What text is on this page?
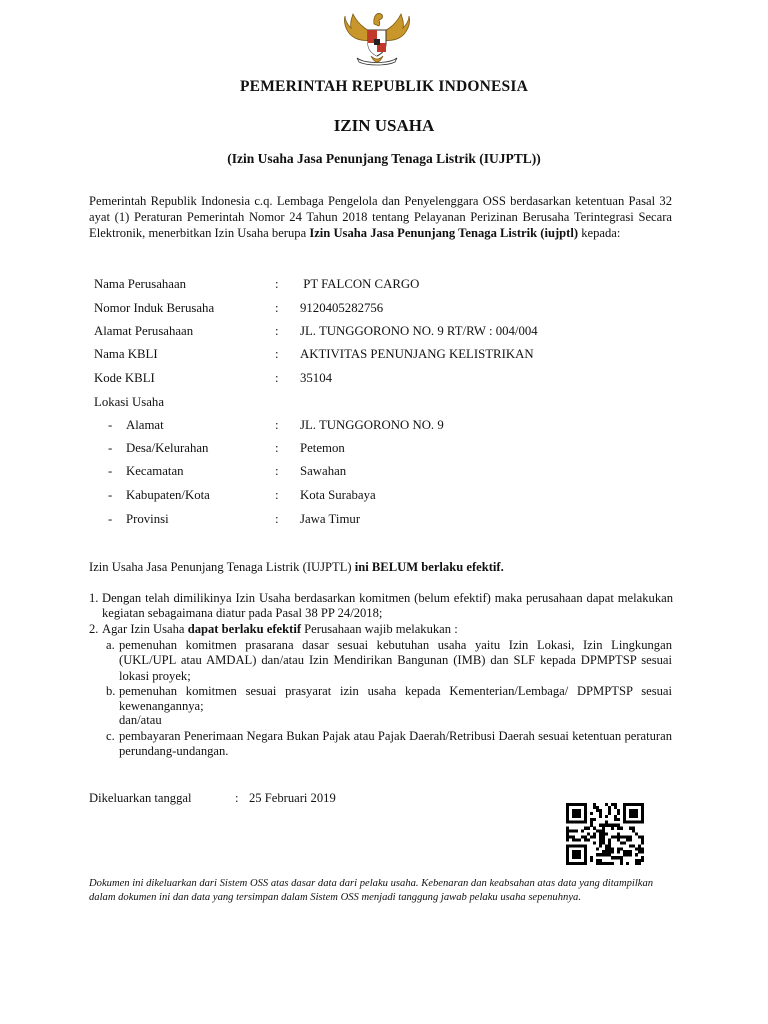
PEMERINTAH REPUBLIK INDONESIA
IZIN USAHA
(Izin Usaha Jasa Penunjang Tenaga Listrik (IUJPTL))
Pemerintah Republik Indonesia c.q. Lembaga Pengelola dan Penyelenggara OSS berdasarkan ketentuan Pasal 32 ayat (1) Peraturan Pemerintah Nomor 24 Tahun 2018 tentang Pelayanan Perizinan Berusaha Terintegrasi Secara Elektronik, menerbitkan Izin Usaha berupa Izin Usaha Jasa Penunjang Tenaga Listrik (iujptl) kepada:
Nama Perusahaan	: PT FALCON CARGO
Nomor Induk Berusaha	: 9120405282756
Alamat Perusahaan	: JL. TUNGGORONO NO. 9 RT/RW : 004/004
Nama KBLI	: AKTIVITAS PENUNJANG KELISTRIKAN
Kode KBLI	: 35104
Lokasi Usaha
- Alamat	: JL. TUNGGORONO NO. 9
- Desa/Kelurahan	: Petemon
- Kecamatan	: Sawahan
- Kabupaten/Kota	: Kota Surabaya
- Provinsi	: Jawa Timur
Izin Usaha Jasa Penunjang Tenaga Listrik (IUJPTL) ini BELUM berlaku efektif.
1. Dengan telah dimilikinya Izin Usaha berdasarkan komitmen (belum efektif) maka perusahaan dapat melakukan kegiatan sebagaimana diatur pada Pasal 38 PP 24/2018;
2. Agar Izin Usaha dapat berlaku efektif Perusahaan wajib melakukan :
a. pemenuhan komitmen prasarana dasar sesuai kebutuhan usaha yaitu Izin Lokasi, Izin Lingkungan (UKL/UPL atau AMDAL) dan/atau Izin Mendirikan Bangunan (IMB) dan SLF kepada DPMPTSP sesuai lokasi proyek;
b. pemenuhan komitmen sesuai prasyarat izin usaha kepada Kementerian/Lembaga/ DPMPTSP sesuai kewenangannya;
dan/atau
c. pembayaran Penerimaan Negara Bukan Pajak atau Pajak Daerah/Retribusi Daerah sesuai ketentuan peraturan perundang-undangan.
Dikeluarkan tanggal	: 25 Februari 2019
Dokumen ini dikeluarkan dari Sistem OSS atas dasar data dari pelaku usaha. Kebenaran dan keabsahan atas data yang ditampilkan dalam dokumen ini dan data yang tersimpan dalam Sistem OSS menjadi tanggung jawab pelaku usaha sepenuhnya.
